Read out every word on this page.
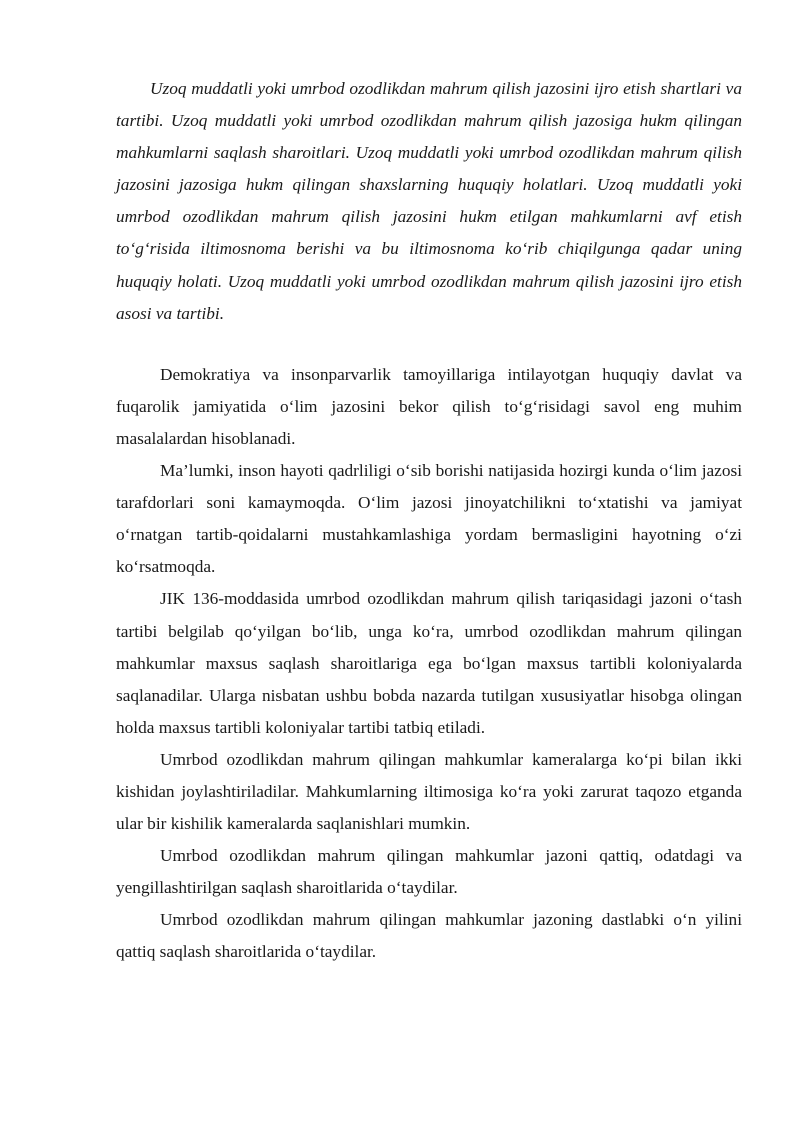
Uzoq muddatli yoki umrbod ozodlikdan mahrum qilish jazosini ijro etish shartlari va tartibi. Uzoq muddatli yoki umrbod ozodlikdan mahrum qilish jazosiga hukm qilingan mahkumlarni saqlash sharoitlari. Uzoq muddatli yoki umrbod ozodlikdan mahrum qilish jazosini jazosiga hukm qilingan shaxslarning huquqiy holatlari. Uzoq muddatli yoki umrbod ozodlikdan mahrum qilish jazosini hukm etilgan mahkumlarni avf etish to‘g‘risida iltimosnoma berishi va bu iltimosnoma ko‘rib chiqilgunga qadar uning huquqiy holati. Uzoq muddatli yoki umrbod ozodlikdan mahrum qilish jazosini ijro etish asosi va tartibi.

Demokratiya va insonparvarlik tamoyillariga intilayotgan huquqiy davlat va fuqarolik jamiyatida o‘lim jazosini bekor qilish to‘g‘risidagi savol eng muhim masalalardan hisoblanadi.

Ma’lumki, inson hayoti qadrliligi o‘sib borishi natijasida hozirgi kunda o‘lim jazosi tarafdorlari soni kamaymoqda. O‘lim jazosi jinoyatchilikni to‘xtatishi va jamiyat o‘rnatgan tartib-qoidalarni mustahkamlashiga yordam bermasligini hayotning o‘zi ko‘rsatmoqda.

JIK 136-moddasida umrbod ozodlikdan mahrum qilish tariqasidagi jazoni o‘tash tartibi belgilab qo‘yilgan bo‘lib, unga ko‘ra, umrbod ozodlikdan mahrum qilingan mahkumlar maxsus saqlash sharoitlariga ega bo‘lgan maxsus tartibli koloniyalarda saqlanadilar. Ularga nisbatan ushbu bobda nazarda tutilgan xususiyatlar hisobga olingan holda maxsus tartibli koloniyalar tartibi tatbiq etiladi.

Umrbod ozodlikdan mahrum qilingan mahkumlar kameralarga ko‘pi bilan ikki kishidan joylashtiriladilar. Mahkumlarning iltimosiga ko‘ra yoki zarurat taqozo etganda ular bir kishilik kameralarda saqlanishlari mumkin.

Umrbod ozodlikdan mahrum qilingan mahkumlar jazoni qattiq, odatdagi va yengillashtirilgan saqlash sharoitlarida o‘taydilar.

Umrbod ozodlikdan mahrum qilingan mahkumlar jazoning dastlabki o‘n yilini qattiq saqlash sharoitlarida o‘taydilar.
